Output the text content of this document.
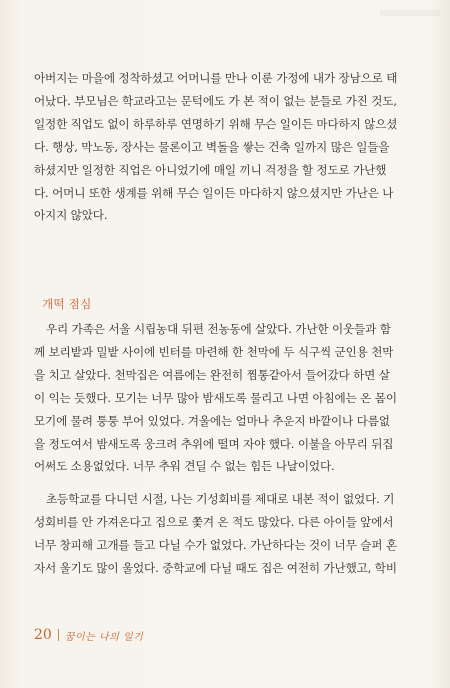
아버지는 마을에 정착하셨고 어머니를 만나 이룬 가정에 내가 장남으로 태
어났다. 부모님은 학교라고는 문턱에도 가 본 적이 없는 분들로 가진 것도,
일정한 직업도 없이 하루하루 연명하기 위해 무슨 일이든 마다하지 않으셨
다. 행상, 막노동, 장사는 물론이고 벽돌을 쌓는 건축 일까지 많은 일들을
하셨지만 일정한 직업은 아니었기에 매일 끼니 걱정을 할 정도로 가난했
다. 어머니 또한 생계를 위해 무슨 일이든 마다하지 않으셨지만 가난은 나
아지지 않았다.
개떡 점심
우리 가족은 서울 시립농대 뒤편 전농동에 살았다. 가난한 이웃들과 함
께 보리밭과 밀밭 사이에 빈터를 마련해 한 천막에 두 식구씩 군인용 천막
을 치고 살았다. 천막집은 여름에는 완전히 찜통같아서 들어갔다 하면 살
이 익는 듯했다. 모기는 너무 많아 밤새도록 물리고 나면 아침에는 온 몸이
모기에 물려 퉁퉁 부어 있었다. 겨울에는 얼마나 추운지 바깥이나 다름없
을 정도여서 밤새도록 웅크려 추위에 떨며 자야 했다. 이불을 아무리 뒤집
어써도 소용없었다. 너무 추워 견딜 수 없는 힘든 나날이었다.
초등학교를 다니던 시절, 나는 기성회비를 제대로 내본 적이 없었다. 기
성회비를 안 가져온다고 집으로 쫓겨 온 적도 많았다. 다른 아이들 앞에서
너무 창피해 고개를 들고 다닐 수가 없었다. 가난하다는 것이 너무 슬퍼 혼
자서 울기도 많이 울었다. 중학교에 다닐 때도 집은 여전히 가난했고, 학비
20 꿈이는 나의 일기
